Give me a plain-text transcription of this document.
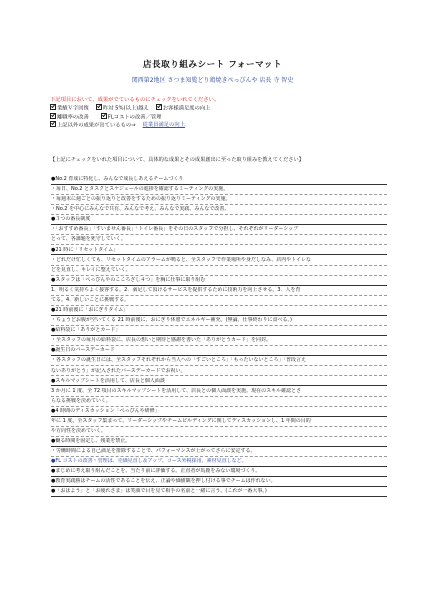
店長取り組みシート フォーマット
関西第2地区 さつま知覧どり鶏焼きぺっぴんや 店長 寺 智史
下記項目において、成果がでているものにチェックをいれてください。
業績Ｖ字回復	昨対 5%(以上)越え	お客様満足度の向上
離職率の改善	FLコストの改善／管理
上記以外の成果が出ているもの⇒ 従業員満足の向上
【上記にチェックをいれた項目について、具体的な成果とその成果創出に至った取り組みを教えてください】
●No.2 育成に特化し、みんなで成長しあえるチームづくり
・毎日、No.2 とタスクとスケジュールの進捗を確認するミーティングの実施。
・毎週末に週ごとの振り返りと改善をするための振り返りミーティングの実施。
・No.2 を中心にみんなで共有、みんなで考え、みんなで実践、みんなで改善。
●３つの番長制度
・「おすすめ番長」「すいません番長」「トイレ番長」をその日のスタッフで分担し、それぞれがリーダーシップ
とって、各課題を死守していく。
●21 時に「リセットタイム」
・どれだけ忙しくても、リセットタイムのアラームが鳴ると、全スタッフで作業場所や身だしなみ、店内やトイレな
どを見直し、キレイに整えていく。
●スタッフは「ぺっぴんやのこころざし４つ」を胸に仕事に取り組む
1．明るく気持ちよく接客する。2．満足して頂けるサービスを提供するために技術力を向上させる。3．人を育
てる。4．新しいことに挑戦する。
●21 時前後に「おにぎりタイム」
・ちょうどお腹が空いてくる 21 時前後に、おにぎり休憩でエネルギー補充。(無論、仕事終わりに食べる。)
●給料袋に「ありがとカード」
・全スタッフの毎月の給料袋に、店長の想いと期待と感謝を書いた「ありがとうカード」を同封。
●誕生日のバースデーカード
・各スタッフの誕生日には、全スタッフそれぞれから当人への「すごいところ」「もったいないところ」「普段言え
ないありがとう」が記入されたバースデーカードでお祝い。
●スキルマップシートを活用して、店長と個人面談
3 か月に 1 度、全 72 項目のスキルマップシートを活用して、店長との個人面談を実施。現在のスキル確認とさ
らなる挑戦を決めていく。
●4 時間のディスカッション「ぺっぴんや研修」
年に 1 度、全スタッフ集まって、リーダーシップやチームビルディングに関してディスカッションし、1 年間の目的
や方向性を決めていく。
●働る時間を固定し、残業を禁止。
・労働時間による自己満足を排除することで、パフォーマンスが上がってさらに安定する。
●FL コストの改善・管理は、売価見直し＆アップ、コース外税採用、素材見直しなど。
●まじめに考え取り組んだことを、当たり前に評価する。正直者が馬鹿をみない環境づくり。
●教育実践勝はチームの活性であることを伝え、正論や価値観を押し付ける事でチームは作れない。
●「おはよう」と「お疲れさま」は笑顔で目を見て相手の名前と一緒に言う。(これが一番大事。)
